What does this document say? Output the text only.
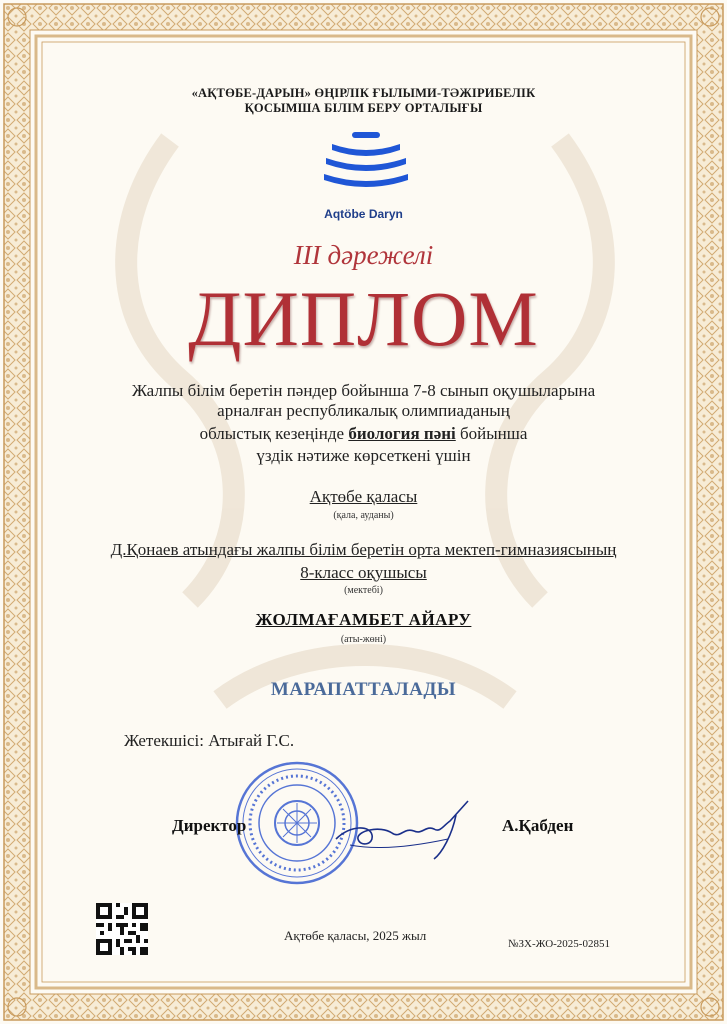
«АҚТӨБЕ-ДАРЫН» ӨҢІРЛІК ҒЫЛЫМИ-ТӘЖІРИБЕЛІК
ҚОСЫМША БІЛІМ БЕРУ ОРТАЛЫҒЫ
Aqtöbe Daryn
III дәрежелі
ДИПЛОМ
Жалпы білім беретін пәндер бойынша 7-8 сынып оқушыларына
арналған республикалық олимпиаданың
облыстық кезеңінде биология пәні бойынша
үздік нәтиже көрсеткені үшін
Ақтөбе қаласы
(қала, ауданы)
Д.Қонаев атындағы жалпы білім беретін орта мектеп-гимназиясының
8-класс оқушысы
(мектебі)
ЖОЛМАҒАМБЕТ АЙАРУ
(аты-жөні)
МАРАПАТТАЛАДЫ
Жетекшісі: Атығай Г.С.
Директор	А.Қабден
Ақтөбе қаласы, 2025 жыл
№ЗХ-ЖО-2025-02851
